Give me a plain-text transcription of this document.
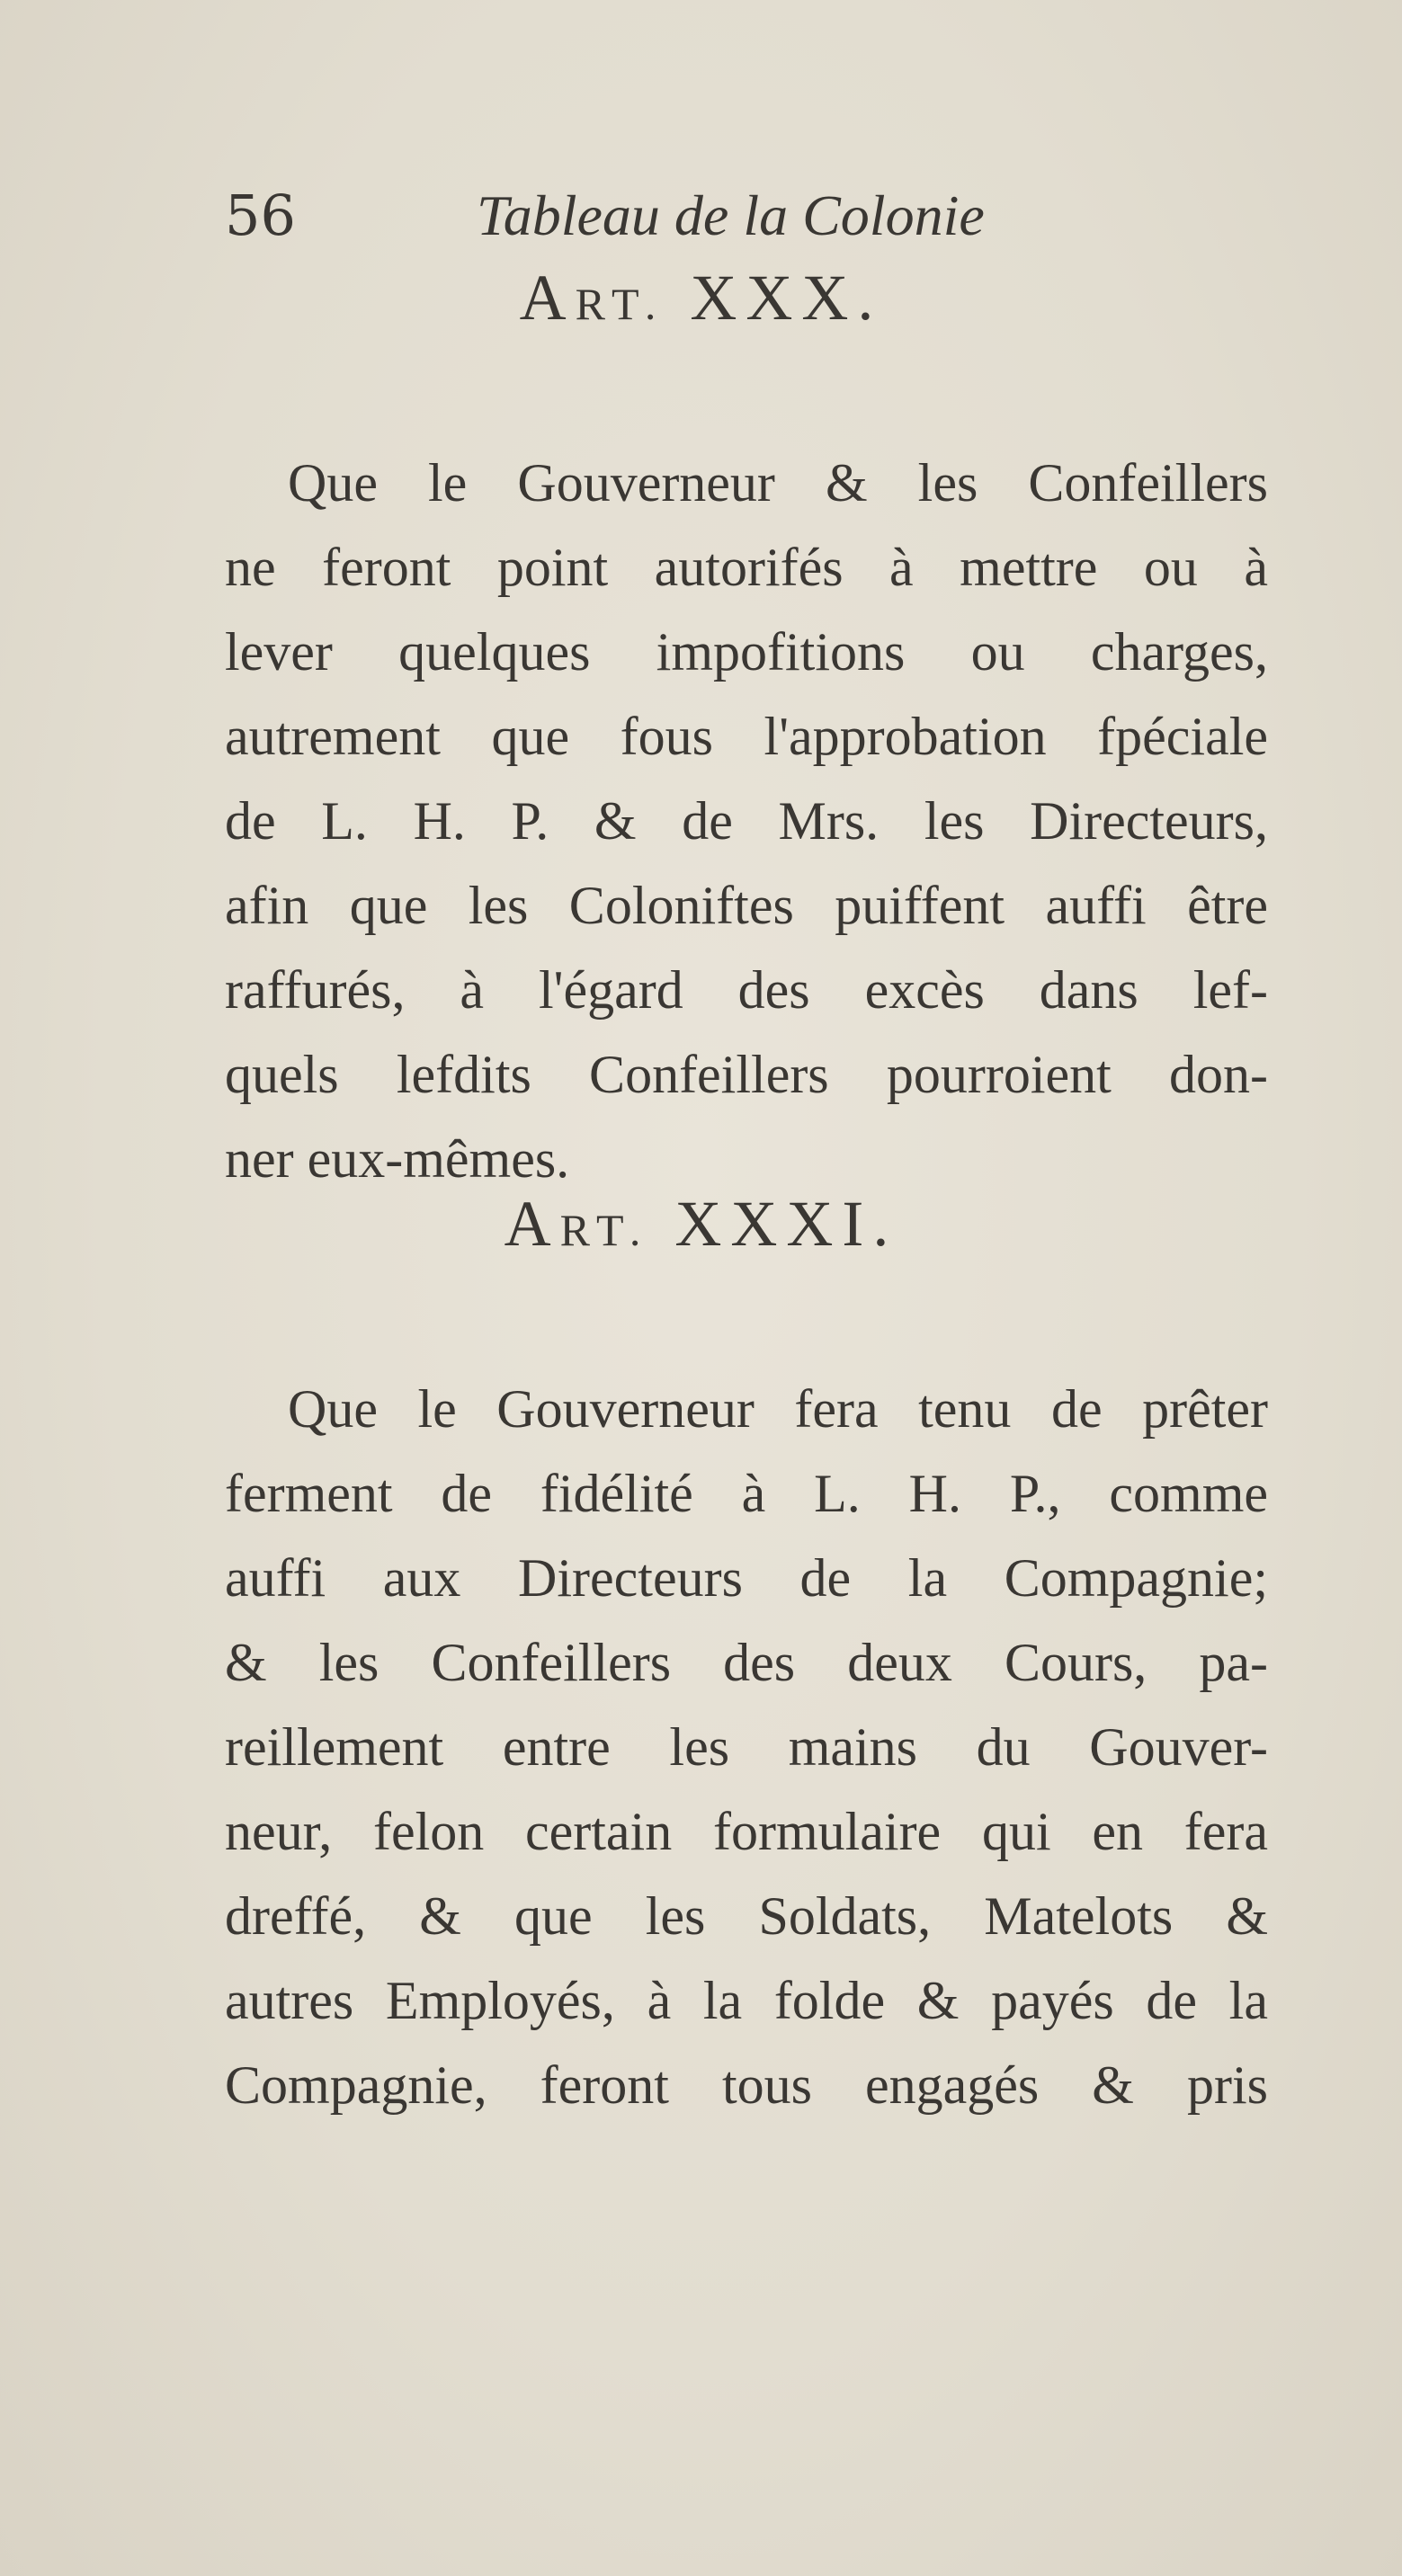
56	Tableau de la Colonie
ART. XXX.
Que le Gouverneur & les Confeillers
ne feront point autorifés à mettre ou à
lever quelques impofitions ou charges,
autrement que fous l'approbation fpéciale
de L. H. P. & de Mrs. les Directeurs,
afin que les Coloniftes puiffent auffi être
raffurés, à l'égard des excès dans lef-
quels lefdits Confeillers pourroient don-
ner eux-mêmes.
ART. XXXI.
Que le Gouverneur fera tenu de prêter
ferment de fidélité à L. H. P., comme
auffi aux Directeurs de la Compagnie;
& les Confeillers des deux Cours, pa-
reillement entre les mains du Gouver-
neur, felon certain formulaire qui en fera
dreffé, & que les Soldats, Matelots &
autres Employés, à la folde & payés de la
Compagnie, feront tous engagés & pris
